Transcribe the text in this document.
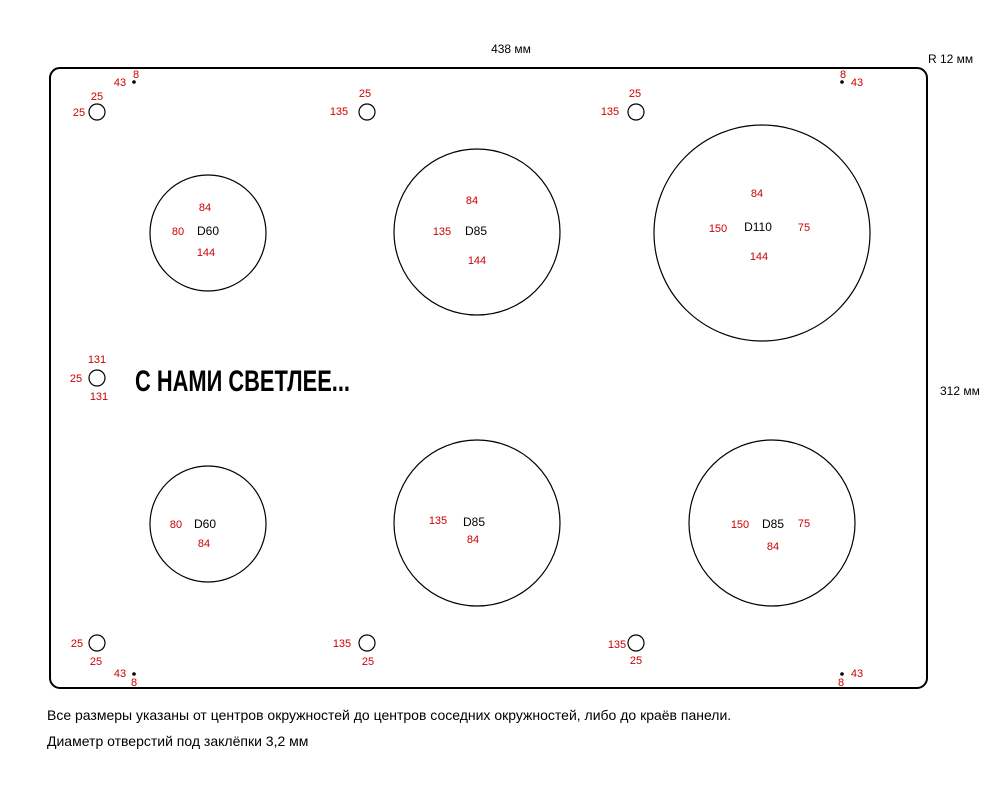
438 мм
R 12 мм
312 мм
С НАМИ СВЕТЛЕЕ...
D60
84
80
144
D85
84
135
144
D110
84
150	75
144
D60
80
84
D85
135
84
D85
150	75
84
25
25
25
135
25
135
131
25
131
25
25
135
25
135
25
8
43
8
43
43
8
43
8

Все размеры указаны от центров окружностей до центров соседних окружностей, либо до краёв панели.

Диаметр отверстий под заклёпки 3,2 мм
